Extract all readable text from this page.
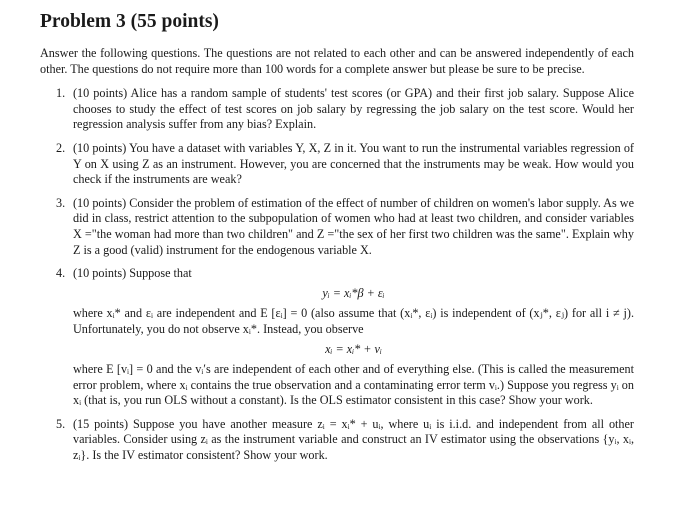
Problem 3 (55 points)

Answer the following questions. The questions are not related to each other and can be answered independently of each other. The questions do not require more than 100 words for a complete answer but please be sure to be precise.

1. (10 points) Alice has a random sample of students' test scores (or GPA) and their first job salary. Suppose Alice chooses to study the effect of test scores on job salary by regressing the job salary on the test score. Would her regression analysis suffer from any bias? Explain.
2. (10 points) You have a dataset with variables Y, X, Z in it. You want to run the instrumental variables regression of Y on X using Z as an instrument. However, you are concerned that the instruments may be weak. How would you check if the instruments are weak?
3. (10 points) Consider the problem of estimation of the effect of number of children on women's labor supply. As we did in class, restrict attention to the subpopulation of women who had at least two children, and consider variables X ="the woman had more than two children" and Z ="the sex of her first two children was the same". Explain why Z is a good (valid) instrument for the endogenous variable X.
4. (10 points) Suppose that

yᵢ = xᵢ*β + εᵢ

where xᵢ* and εᵢ are independent and E [εᵢ] = 0 (also assume that (xᵢ*, εᵢ) is independent of (xⱼ*, εⱼ) for all i ≠ j). Unfortunately, you do not observe xᵢ*. Instead, you observe

xᵢ = xᵢ* + vᵢ

where E [vᵢ] = 0 and the vᵢ′s are independent of each other and of everything else. (This is called the measurement error problem, where xᵢ contains the true observation and a contaminating error term vᵢ.) Suppose you regress yᵢ on xᵢ (that is, you run OLS without a constant). Is the OLS estimator consistent in this case? Show your work.

5. (15 points) Suppose you have another measure zᵢ = xᵢ* + uᵢ, where uᵢ is i.i.d. and independent from all other variables. Consider using zᵢ as the instrument variable and construct an IV estimator using the observations {yᵢ, xᵢ, zᵢ}. Is the IV estimator consistent? Show your work.
